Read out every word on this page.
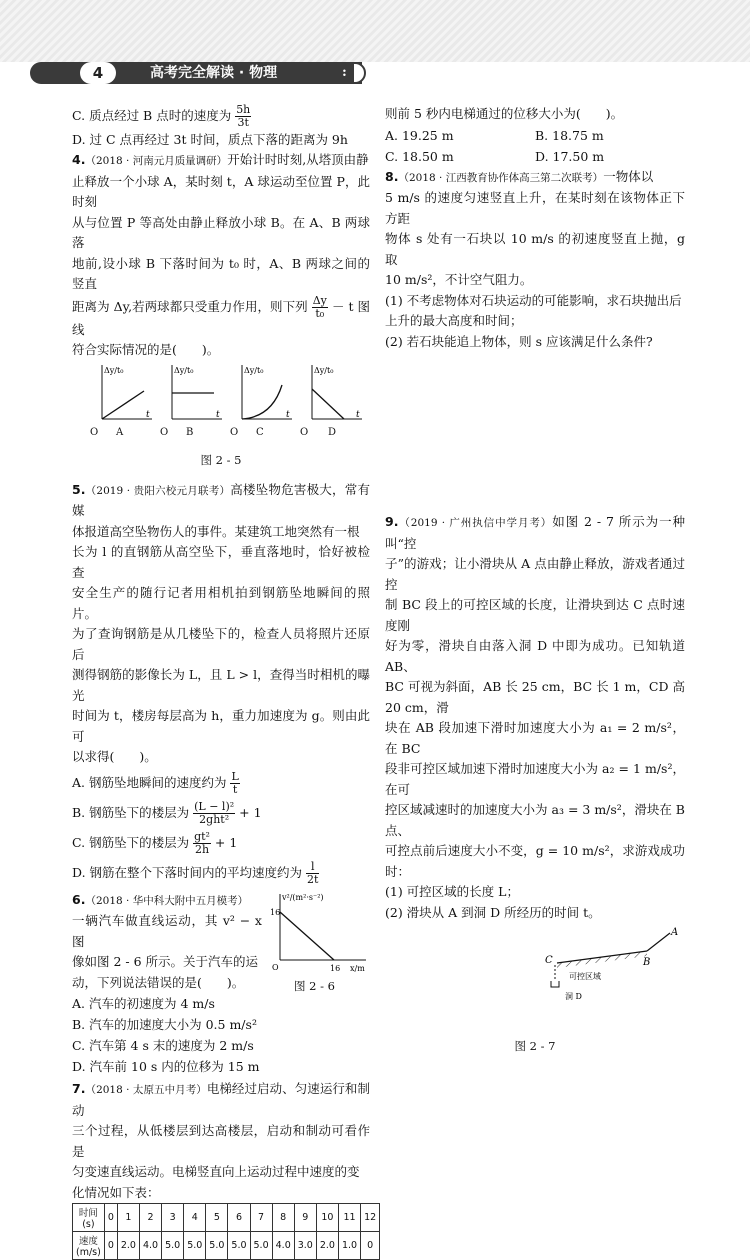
4	高考完全解读 · 物理	:

C. 质点经过 B 点时的速度为 $\frac{5h}{3t}$

D. 过 C 点再经过 3t 时间，质点下落的距离为 9h

4.（2018 · 河南元月质量调研）开始计时时刻,从塔顶由静

止释放一个小球 A，某时刻 t，A 球运动至位置 P，此时刻

从与位置 P 等高处由静止释放小球 B。在 A、B 两球落

地前,设小球 B 下落时间为 t₀ 时，A、B 两球之间的竖直

距离为 Δy,若两球都只受重力作用，则下列 $\frac{\Delta y}{\text{t₀}} - t$ 图线

符合实际情况的是(　　)。

Δy/t₀
t
Δy/t₀
t
Δy/t₀
t
Δy/t₀
t
O A	O B	O C	O D

图 2 - 5

5.（2019 · 贵阳六校元月联考）高楼坠物危害极大，常有媒

体报道高空坠物伤人的事件。某建筑工地突然有一根

长为 l 的直钢筋从高空坠下，垂直落地时，恰好被检查

安全生产的随行记者用相机拍到钢筋坠地瞬间的照片。

为了查询钢筋是从几楼坠下的，检查人员将照片还原后

测得钢筋的影像长为 L，且 L > l，查得当时相机的曝光

时间为 t，楼房每层高为 h，重力加速度为 g。则由此可

以求得(　　)。

A. 钢筋坠地瞬间的速度约为 $\frac{L}{t}$

B. 钢筋坠下的楼层为 $\frac{\text{(L − l)²}}{\text{2ght²}} + 1$

C. 钢筋坠下的楼层为 $\frac{\text{gt²}}{2h} + 1$

D. 钢筋在整个下落时间内的平均速度约为 $\frac{l}{2t}$

6.（2018 · 华中科大附中五月模考）

一辆汽车做直线运动，其 v² − x 图

像如图 2 - 6 所示。关于汽车的运

动，下列说法错误的是(　　)。

A. 汽车的初速度为 4 m/s

B. 汽车的加速度大小为 0.5 m/s²

C. 汽车第 4 s 末的速度为 2 m/s

D. 汽车前 10 s 内的位移为 15 m

v²/(m²·s⁻²)
16
16 x/m
O
图 2 - 6

7.（2018 · 太原五中月考）电梯经过启动、匀速运行和制动

三个过程，从低楼层到达高楼层，启动和制动可看作是

匀变速直线运动。电梯竖直向上运动过程中速度的变

化情况如下表：

时间(s)	0	1	2	3	4	5	6	7	8	9	10	11	12
速度(m/s)	0	2.0	4.0	5.0	5.0	5.0	5.0	5.0	4.0	3.0	2.0	1.0	0

则前 5 秒内电梯通过的位移大小为(　　)。

A. 19.25 m	B. 18.75 m
C. 18.50 m	D. 17.50 m

8.（2018 · 江西教育协作体高三第二次联考）一物体以

5 m/s 的速度匀速竖直上升，在某时刻在该物体正下方距

物体 s 处有一石块以 10 m/s 的初速度竖直上抛，g 取

10 m/s²，不计空气阻力。

(1) 不考虑物体对石块运动的可能影响，求石块抛出后

上升的最大高度和时间；

(2) 若石块能追上物体，则 s 应该满足什么条件?

9.（2019 · 广州执信中学月考）如图 2 - 7 所示为一种叫“控

子”的游戏；让小滑块从 A 点由静止释放，游戏者通过控

制 BC 段上的可控区域的长度，让滑块到达 C 点时速度刚

好为零，滑块自由落入洞 D 中即为成功。已知轨道 AB、

BC 可视为斜面，AB 长 25 cm，BC 长 1 m，CD 高 20 cm，滑

块在 AB 段加速下滑时加速度大小为 a₁ = 2 m/s²，在 BC

段非可控区域加速下滑时加速度大小为 a₂ = 1 m/s²，在可

控区域减速时的加速度大小为 a₃ = 3 m/s²，滑块在 B 点、

可控点前后速度大小不变，g = 10 m/s²，求游戏成功时：

(1) 可控区域的长度 L；

(2) 滑块从 A 到洞 D 所经历的时间 t。

A
B
C
可控区域
洞 D

图 2 - 7
